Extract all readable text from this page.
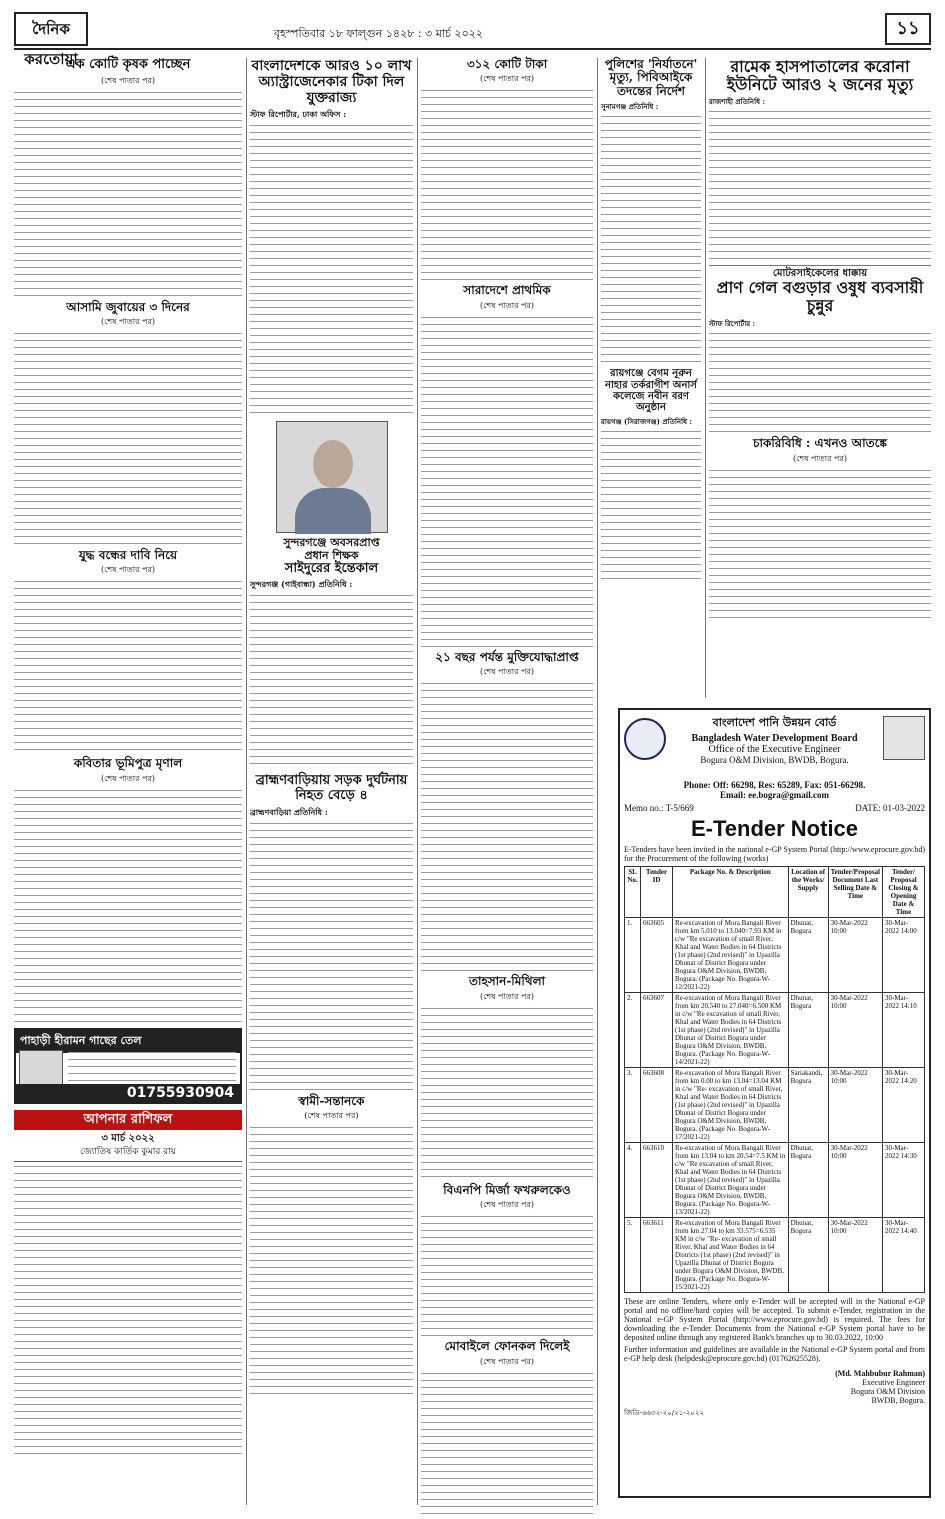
দৈনিক করতোয়া
বৃহস্পতিবার ১৮ ফাল্গুন ১৪২৮ : ৩ মার্চ ২০২২	১১
এক কোটি কৃষক পাচ্ছেন
(শেষ পাতার পর)
আসামি জুবায়ের ৩ দিনের
(শেষ পাতার পর)
যুদ্ধ বন্ধের দাবি নিয়ে
(শেষ পাতার পর)
কবিতার ভূমিপুত্র মৃণাল
(শেষ পাতার পর)
পাহাড়ী হীরামন গাছের তেল
01755930904
আপনার রাশিফল
৩ মার্চ ২০২২
জ্যোতিষ কার্তিক কুমার রায়
বাংলাদেশকে আরও ১০ লাখ অ্যাস্ট্রাজেনেকার টিকা দিল যুক্তরাজ্য
স্টাফ রিপোর্টার, ঢাকা অফিস :
সুন্দরগঞ্জে অবসরপ্রাপ্ত
প্রধান শিক্ষক
সাইদুরের ইন্তেকাল
সুন্দরগঞ্জ (গাইবান্ধা) প্রতিনিধি :
ব্রাহ্মণবাড়িয়ায় সড়ক দুর্ঘটনায় নিহত বেড়ে ৪
ব্রাহ্মণবাড়িয়া প্রতিনিধি :
স্বামী-সন্তানকে
(শেষ পাতার পর)
৩১২ কোটি টাকা
(শেষ পাতার পর)
সারাদেশে প্রাথমিক
(শেষ পাতার পর)
২১ বছর পর্যন্ত মুক্তিযোদ্ধাপ্রাপ্ত
(শেষ পাতার পর)
তাহসান-মিথিলা
(শেষ পাতার পর)
বিএনপি মির্জা ফখরুলকেও
(শেষ পাতার পর)
মোবাইলে ফোনকল দিলেই
(শেষ পাতার পর)
পুলিশের 'নির্যাতনে' মৃত্যু, পিবিআইকে তদন্তের নির্দেশ
সুনামগঞ্জ প্রতিনিধি :
রায়গঞ্জে বেগম নূরুন নাহার তর্করাগীশ অনার্স কলেজে নবীন বরণ অনুষ্ঠান
রায়গঞ্জ (সিরাজগঞ্জ) প্রতিনিধি :
রামেক হাসপাতালের করোনা ইউনিটে আরও ২ জনের মৃত্যু
রাজশাহী প্রতিনিধি :
মোটরসাইকেলের ধাক্কায়
প্রাণ গেল বগুড়ার ওষুধ ব্যবসায়ী চুন্নুর
স্টাফ রিপোর্টার :
চাকরিবিধি : এখনও আতঙ্কে
(শেষ পাতার পর)
বাংলাদেশ পানি উন্নয়ন বোর্ড
Bangladesh Water Development Board
Office of the Executive Engineer
Bogura O&M Division, BWDB, Bogura.
Phone: Off: 66298, Res: 65289, Fax: 051-66298.
Email: ee.bogra@gmail.com
Memo no.: T-5/669	DATE: 01-03-2022
E-Tender Notice
E-Tenders have been invited in the national e-GP System Portal (http://www.eprocure.gov.bd) for the Procurement of the following (works)
SL No.	Tender ID	Package No. & Description	Location of the Works/ Supply	Tender/Proposal Document Last Selling Date & Time	Tender/ Proposal Closing & Opening Date & Time
1.	663605	Re-excavation of Mora Bangali River from km 5.010 to 13.040=7.93 KM in c/w "Re excavation of small River, Khal and Water Bodies in 64 Districts (1st phase) (2nd revised)" in Upazilla Dhunat of District Bogura under Bogura O&M Division, BWDB, Bogura. (Package No. Bogura-W-12/2021-22)	Dhunat, Bogura	30-Mar-2022 10:00	30-Mar-2022 14:00
2.	663607	Re-excavation of Mora Bangali River from km 20.540 to 27.040=6.500 KM in c/w "Re excavation of small River, Khal and Water Bodies in 64 Districts (1st phase) (2nd revised)" in Upazilla Dhunat of District Bogura under Bogura O&M Division, BWDB, Bogura. (Package No. Bogura-W-14/2021-22)	Dhunat, Bogura	30-Mar-2022 10:00	30-Mar-2022 14:10
3.	663608	Re-excavation of Mora Bangali River from km 0.00 to km 13.04=13.04 KM in c/w "Re- excavation of small River, Khal and Water Bodies in 64 Districts (1st phase) (2nd revised)" in Upazilla Dhunat of District Bogura under Bogura O&M Division, BWDB, Bogura. (Package No. Bogura-W-17/2021-22)	Sariakandi, Bogura	30-Mar-2022 10:00	30-Mar-2022 14:20
4.	663610	Re-excavation of Mora Bangali River from km 13.04 to km 20.54=7.5 KM in c/w "Re excavation of small River, Khal and Water Bodies in 64 Districts (1st phase) (2nd revised)" in Upazilla Dhunat of District Bogura under Bogura O&M Division, BWDB, Bogura. (Package No. Bogura-W-13/2021-22)	Dhunat, Bogura	30-Mar-2022 10:00	30-Mar-2022 14:30
5.	663611	Re-excavation of Mora Bangali River from km 27.04 to km 33.575=6.535 KM in c/w "Re- excavation of small River, Khal and Water Bodies in 64 Districts (1st phase) (2nd revised)" in Upazilla Dhunat of District Bogura under Bogura O&M Division, BWDB, Bogura. (Package No. Bogura-W-15/2021-22)	Dhunat, Bogura	30-Mar-2022 10:00	30-Mar-2022 14:40
These are online Tenders, where only e-Tender will be accepted will in the National e-GP portal and no offline/hard copies will be accepted. To submit e-Tender, registration in the National e-GP System Portal (http://www.eprocure.gov.bd) is required. The fees for downloading the e-Tender Documents from the National e-GP System portal have to be deposited online through any registered Bank's branches up to 30.03.2022, 10:00
Further information and guidelines are available in the National e-GP System portal and from e-GP help desk (helpdesk@eprocure.gov.bd) (01762625528).
(Md. Mahbubur Rahman)
Executive Engineer
Bogura O&M Division
BWDB, Bogura.
জিডি-৬৬৩২-২০/২১-২০২২
